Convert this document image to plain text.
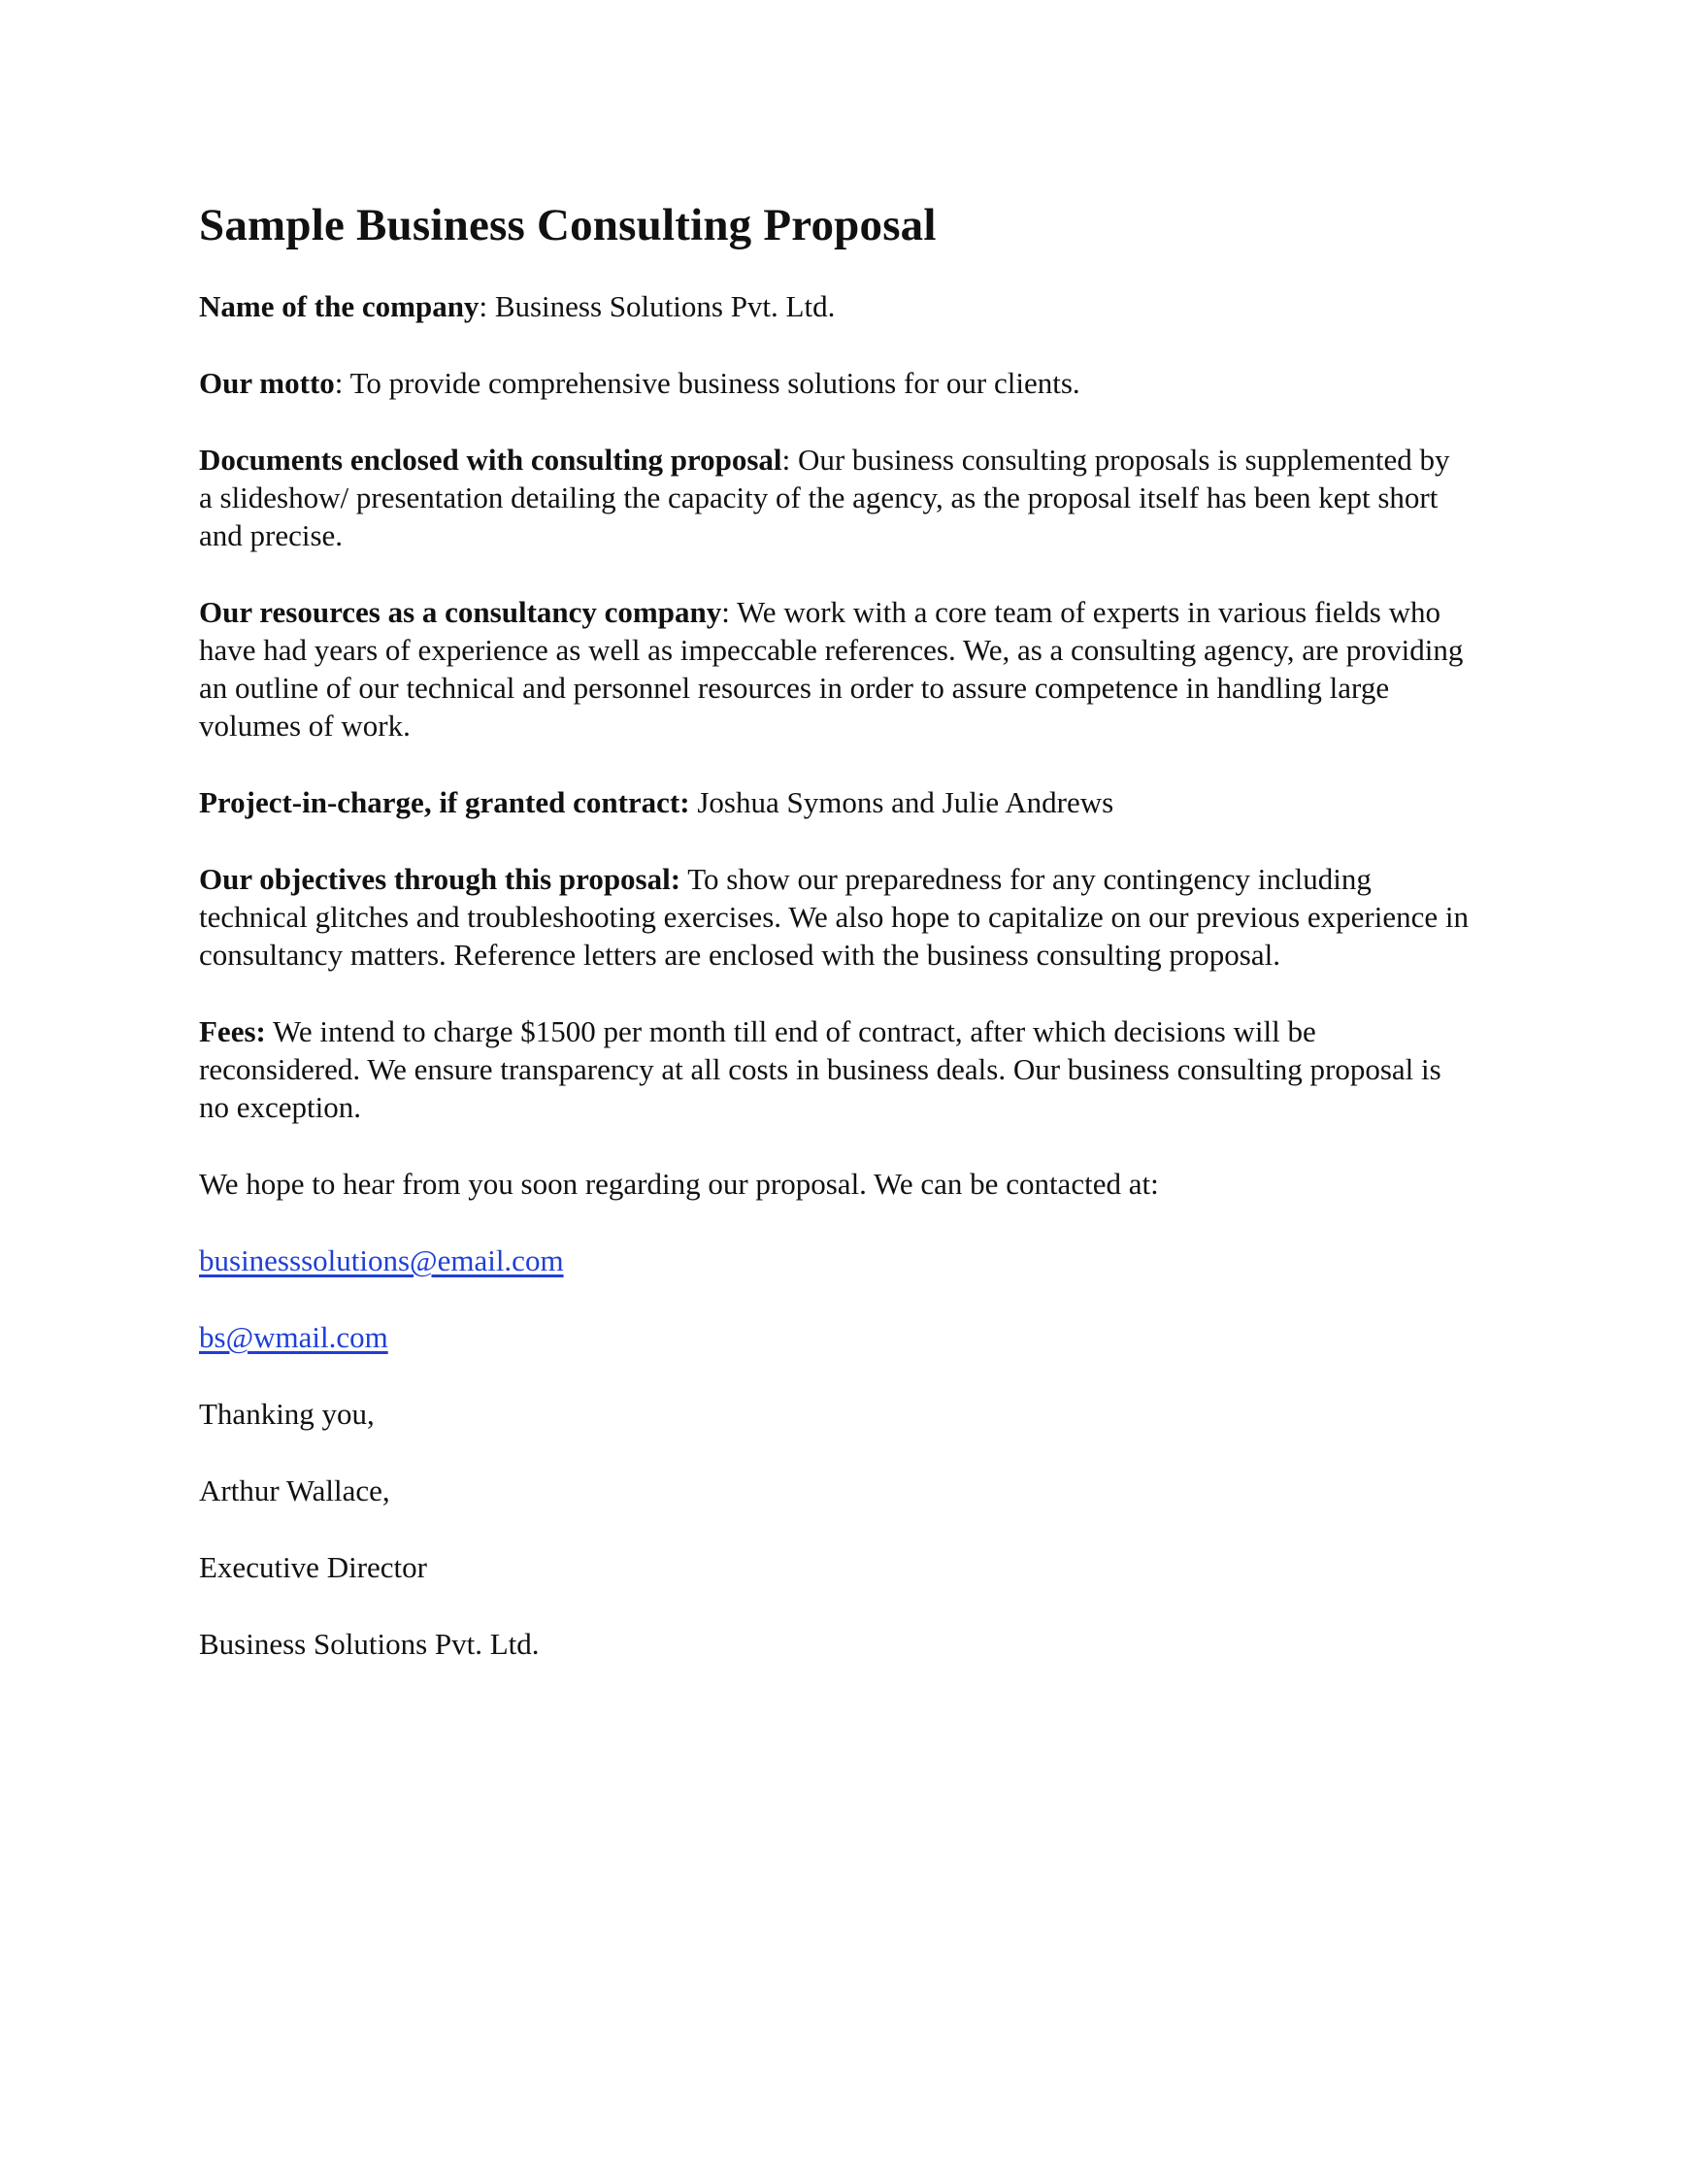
Sample Business Consulting Proposal

Name of the company: Business Solutions Pvt. Ltd.

Our motto: To provide comprehensive business solutions for our clients.

Documents enclosed with consulting proposal: Our business consulting proposals is supplemented by a slideshow/ presentation detailing the capacity of the agency, as the proposal itself has been kept short and precise.

Our resources as a consultancy company: We work with a core team of experts in various fields who have had years of experience as well as impeccable references. We, as a consulting agency, are providing an outline of our technical and personnel resources in order to assure competence in handling large volumes of work.

Project-in-charge, if granted contract: Joshua Symons and Julie Andrews

Our objectives through this proposal: To show our preparedness for any contingency including technical glitches and troubleshooting exercises. We also hope to capitalize on our previous experience in consultancy matters. Reference letters are enclosed with the business consulting proposal.

Fees: We intend to charge $1500 per month till end of contract, after which decisions will be reconsidered. We ensure transparency at all costs in business deals. Our business consulting proposal is no exception.

We hope to hear from you soon regarding our proposal. We can be contacted at:

businesssolutions@email.com

bs@wmail.com

Thanking you,

Arthur Wallace,

Executive Director

Business Solutions Pvt. Ltd.
